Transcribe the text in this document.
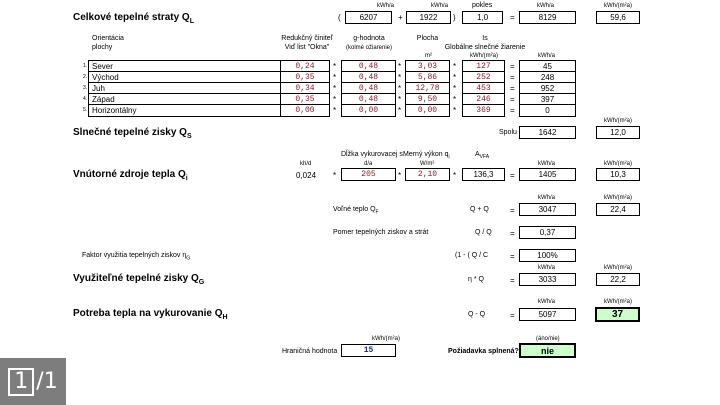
kWh/a	kWh/a	kWh/a	kWh/(m²a)
pokles
Celkové tepelné straty $Q_L$	(	6207	+	1922	)	1,0	=	8129	59,6
Orientácia
plochy
Redukčný činiteľ
Viď list "Okna"
g-hodnota
(kolmé ožiarenie)
Plocha	Is
Globálne slnečné žiarenie
m²	kWh/(m²a)	kWh/a
1. Sever	0,24	*	0,48	*	3,03	*	127	=	45
2. Východ	0,35	*	0,48	*	5,86	*	252	=	248
3. Juh	0,34	*	0,48	*	12,78	*	453	=	952
4. Západ	0,35	*	0,48	*	9,50	*	246	=	397
5. Horizontálny	0,00	*	0,00	*	0,00	*	369	=	0
kWh/(m²a)
Slnečné tepelné zisky $Q_S$
Spolu	1642	12,0
Dĺžka vykurovacej s Merný výkon $q_i$	$A_{VFA}$
kh/d	d/a	W/m²	kWh/a	kWh/(m²a)
Vnútorné zdroje tepla $Q_i$	0,024 *	205	*	2,10	*	136,3	=	1405	10,3
kWh/a	kWh/(m²a)
Voľné teplo $Q_F$	Q + Q	=	3047	22,4
Pomer tepelných ziskov a strát	Q / Q =	0,37
Faktor využitia tepelných ziskov $\eta_G$	(1 - ( Q / C	=	100%
kWh/a	kWh/(m²a)
Využiteľné tepelné zisky $Q_G$	η * Q	=	3033	22,2
kWh/a	kWh/(m²a)
Potreba tepla na vykurovanie $Q_H$	Q - Q	=	5097	37
kWh/(m²a)	(áno/nie)
Hraničná hodnota	15	Požiadavka splnená?	nie
1 /1
